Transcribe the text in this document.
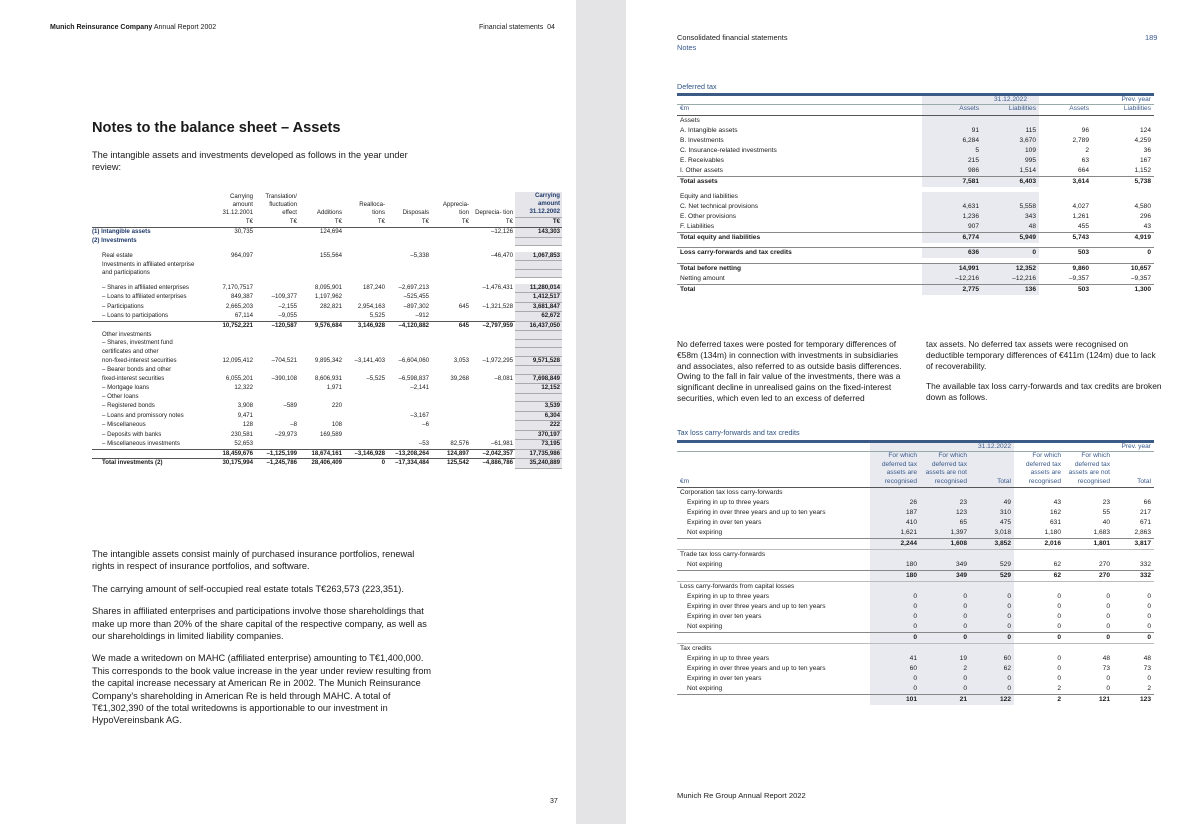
Munich Reinsurance Company Annual Report 2002	Financial statements 04
Notes to the balance sheet – Assets
The intangible assets and investments developed as follows in the year under review:
	Carrying amount 31.12.2001	Translation/ fluctuation effect	Additions	Realloca- tions	Disposals	Apprecia- tion	Deprecia- tion	Carrying amount 31.12.2002
	T€	T€	T€	T€	T€	T€	T€	T€
(1) Intangible assets	30,735		124,694				–12,126	143,303
(2) Investments								

Real estate	964,097		155,564		–5,338		–46,470	1,067,853
Investments in affiliated enterprise								
and participations								

– Shares in affiliated enterprises	7,170,7517		8,095,901	187,240	–2,697,213		–1,476,431	11,280,014
– Loans to affiliated enterprises	849,387	–109,377	1,197,962		–525,455			1,412,517
– Participations	2,665,203	–2,155	282,821	2,954,163	–897,302	645	–1,321,528	3,681,847
– Loans to participations	67,114	–9,055		5,525	–912			62,672
	10,752,221	–120,587	9,576,684	3,146,928	–4,120,882	645	–2,797,959	16,437,050
Other investments								
– Shares, investment fund								
certificates and other								
non-fixed-interest securities	12,095,412	–704,521	9,895,342	–3,141,403	–6,604,060	3,053	–1,972,295	9,571,528
– Bearer bonds and other								
fixed-interest securities	6,055,201	–390,108	8,606,931	–5,525	–6,598,837	39,268	–8,081	7,698,849
– Mortgage loans	12,322		1,971		–2,141			12,152
– Other loans								
– Registered bonds	3,908	–589	220					3,539
– Loans and promissory notes	9,471				–3,167			6,304
– Miscellaneous	128	–8	108		–6			222
– Deposits with banks	230,581	–29,973	169,589					370,197
– Miscellaneous investments	52,653				–53	82,576	–61,981	73,195
	18,459,676	–1,125,199	18,674,161	–3,146,928	–13,208,264	124,897	–2,042,357	17,735,986
Total investments (2)	30,175,994	–1,245,786	28,406,409	0	–17,334,484	125,542	–4,886,786	35,240,889

The intangible assets consist mainly of purchased insurance portfolios, renewal rights in respect of insurance portfolios, and software.

The carrying amount of self-occupied real estate totals T€263,573 (223,351).

Shares in affiliated enterprises and participations involve those shareholdings that make up more than 20% of the share capital of the respective company, as well as our shareholdings in limited liability companies.

We made a writedown on MAHC (affiliated enterprise) amounting to T€1,400,000. This corresponds to the book value increase in the year under review resulting from the capital increase necessary at American Re in 2002. The Munich Reinsurance Company's shareholding in American Re is held through MAHC. A total of T€1,302,390 of the total writedowns is apportionable to our investment in HypoVereinsbank AG.

37
Consolidated financial statements
Notes
189
Deferred tax
		31.12.2022		Prev. year
€m	Assets	Liabilities	Assets	Liabilities
Assets				
A. Intangible assets	91	115	96	124
B. Investments	6,284	3,670	2,789	4,259
C. Insurance-related investments	5	109	2	36
E. Receivables	215	995	63	167
I. Other assets	986	1,514	664	1,152
Total assets	7,581	6,403	3,614	5,738

Equity and liabilities				
C. Net technical provisions	4,631	5,558	4,027	4,580
E. Other provisions	1,236	343	1,261	296
F. Liabilities	907	48	455	43
Total equity and liabilities	6,774	5,949	5,743	4,919

Loss carry-forwards and tax credits	636	0	503	0

Total before netting	14,991	12,352	9,860	10,657
Netting amount	–12,216	–12,216	–9,357	–9,357
Total	2,775	136	503	1,300
No deferred taxes were posted for temporary differences of €58m (134m) in connection with investments in subsidiaries and associates, also referred to as outside basis differences. Owing to the fall in fair value of the investments, there was a significant decline in unrealised gains on the fixed-interest securities, which even led to an excess of deferred
tax assets. No deferred tax assets were recognised on deductible temporary differences of €411m (124m) due to lack of recoverability.
The available tax loss carry-forwards and tax credits are broken down as follows.
Tax loss carry-forwards and tax credits
			31.12.2022			Prev. year
€m	For which deferred tax assets are recognised	For which deferred tax assets are not recognised	Total	For which deferred tax assets are recognised	For which deferred tax assets are not recognised	Total
Corporation tax loss carry-forwards						
Expiring in up to three years	26	23	49	43	23	66
Expiring in over three years and up to ten years	187	123	310	162	55	217
Expiring in over ten years	410	65	475	631	40	671
Not expiring	1,621	1,397	3,018	1,180	1,683	2,863
	2,244	1,608	3,852	2,016	1,801	3,817
Trade tax loss carry-forwards						
Not expiring	180	349	529	62	270	332
	180	349	529	62	270	332
Loss carry-forwards from capital losses						
Expiring in up to three years	0	0	0	0	0	0
Expiring in over three years and up to ten years	0	0	0	0	0	0
Expiring in over ten years	0	0	0	0	0	0
Not expiring	0	0	0	0	0	0
	0	0	0	0	0	0
Tax credits						
Expiring in up to three years	41	19	60	0	48	48
Expiring in over three years and up to ten years	60	2	62	0	73	73
Expiring in over ten years	0	0	0	0	0	0
Not expiring	0	0	0	2	0	2
	101	21	122	2	121	123
Munich Re Group Annual Report 2022
